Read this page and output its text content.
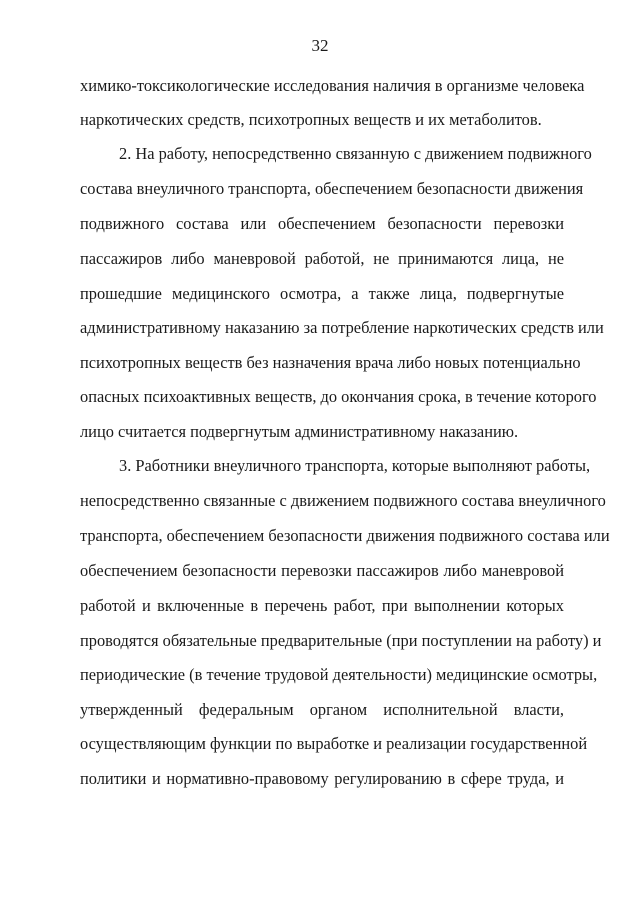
32
химико-токсикологические исследования наличия в организме человека
наркотических средств, психотропных веществ и их метаболитов.
2. На работу, непосредственно связанную с движением подвижного
состава внеуличного транспорта, обеспечением безопасности движения
подвижного состава или обеспечением безопасности перевозки
пассажиров либо маневровой работой, не принимаются лица, не
прошедшие медицинского осмотра, а также лица, подвергнутые
административному наказанию за потребление наркотических средств или
психотропных веществ без назначения врача либо новых потенциально
опасных психоактивных веществ, до окончания срока, в течение которого
лицо считается подвергнутым административному наказанию.
3. Работники внеуличного транспорта, которые выполняют работы,
непосредственно связанные с движением подвижного состава внеуличного
транспорта, обеспечением безопасности движения подвижного состава или
обеспечением безопасности перевозки пассажиров либо маневровой
работой и включенные в перечень работ, при выполнении которых
проводятся обязательные предварительные (при поступлении на работу) и
периодические (в течение трудовой деятельности) медицинские осмотры,
утвержденный федеральным органом исполнительной власти,
осуществляющим функции по выработке и реализации государственной
политики и нормативно-правовому регулированию в сфере труда, и
